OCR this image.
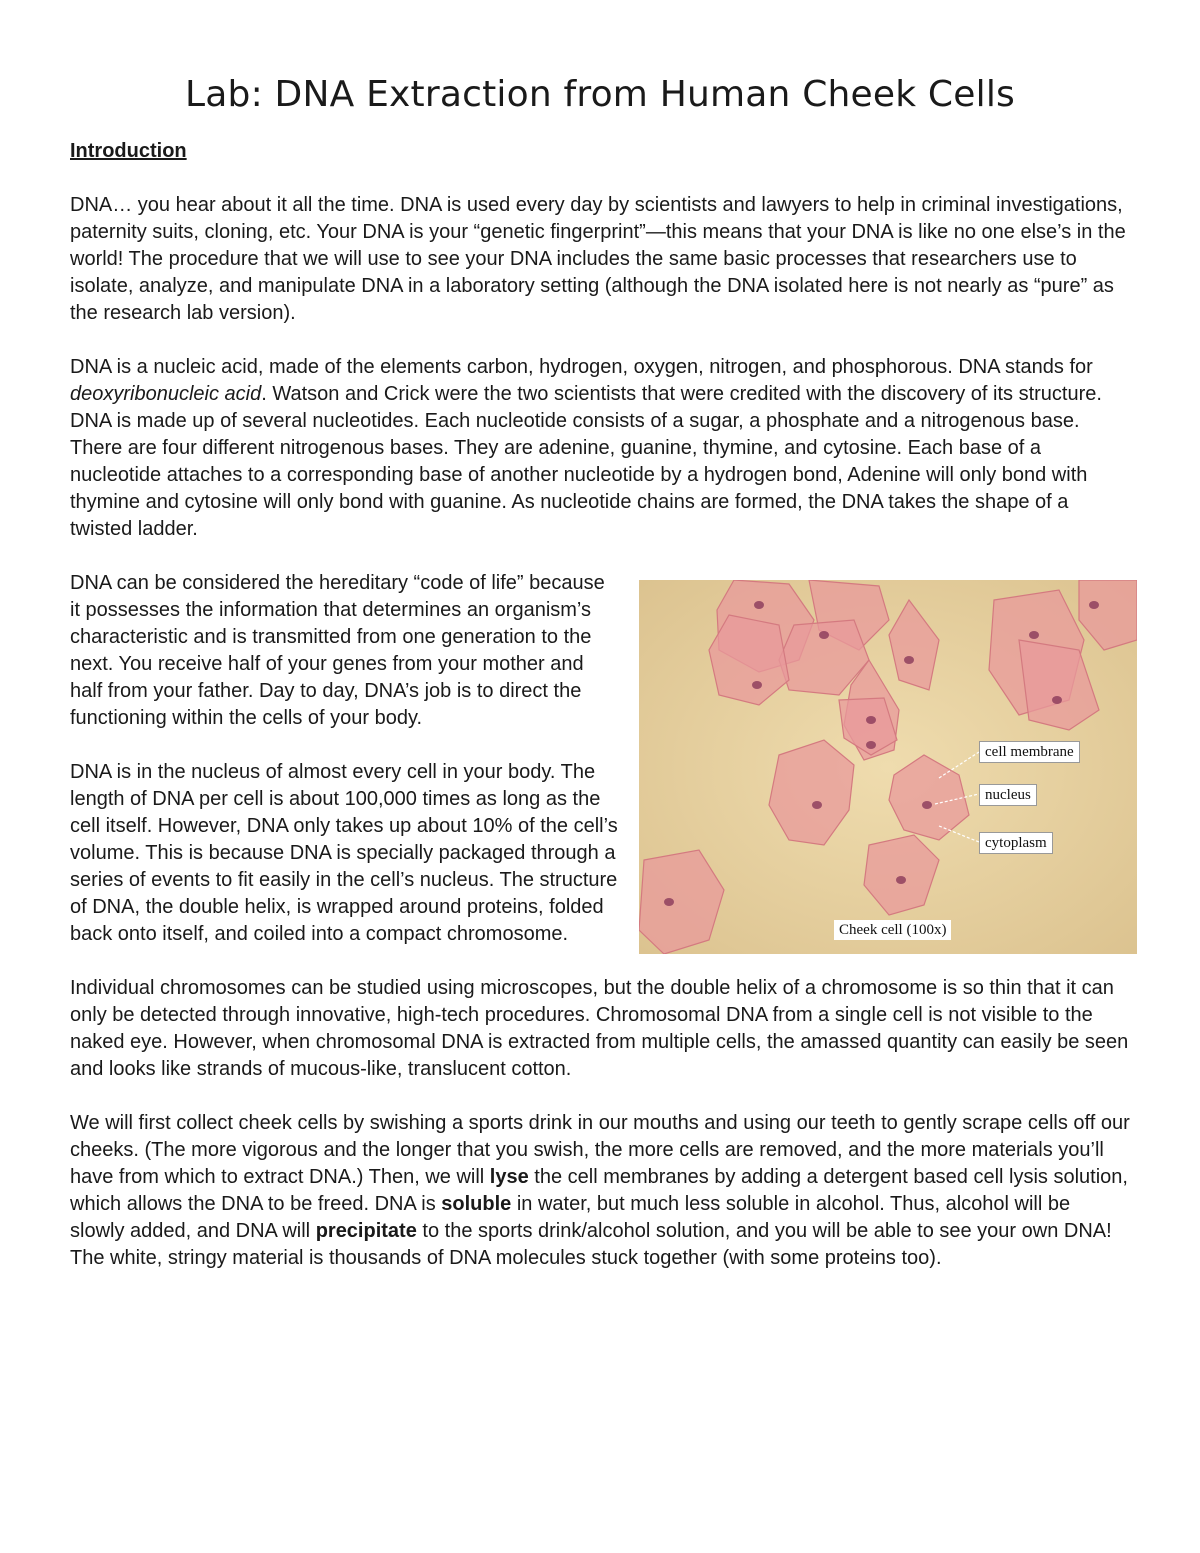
Lab: DNA Extraction from Human Cheek Cells
Introduction

DNA… you hear about it all the time. DNA is used every day by scientists and lawyers to help in criminal investigations, paternity suits, cloning, etc. Your DNA is your “genetic fingerprint”—this means that your DNA is like no one else’s in the world! The procedure that we will use to see your DNA includes the same basic processes that researchers use to isolate, analyze, and manipulate DNA in a laboratory setting (although the DNA isolated here is not nearly as “pure” as the research lab version).

DNA is a nucleic acid, made of the elements carbon, hydrogen, oxygen, nitrogen, and phosphorous. DNA stands for deoxyribonucleic acid. Watson and Crick were the two scientists that were credited with the discovery of its structure. DNA is made up of several nucleotides. Each nucleotide consists of a sugar, a phosphate and a nitrogenous base. There are four different nitrogenous bases. They are adenine, guanine, thymine, and cytosine. Each base of a nucleotide attaches to a corresponding base of another nucleotide by a hydrogen bond, Adenine will only bond with thymine and cytosine will only bond with guanine. As nucleotide chains are formed, the DNA takes the shape of a twisted ladder.

cell membrane
nucleus
cytoplasm
Cheek cell (100x)

DNA can be considered the hereditary “code of life” because it possesses the information that determines an organism’s characteristic and is transmitted from one generation to the next. You receive half of your genes from your mother and half from your father. Day to day, DNA’s job is to direct the functioning within the cells of your body.

DNA is in the nucleus of almost every cell in your body. The length of DNA per cell is about 100,000 times as long as the cell itself. However, DNA only takes up about 10% of the cell’s volume. This is because DNA is specially packaged through a series of events to fit easily in the cell’s nucleus. The structure of DNA, the double helix, is wrapped around proteins, folded back onto itself, and coiled into a compact chromosome.

Individual chromosomes can be studied using microscopes, but the double helix of a chromosome is so thin that it can only be detected through innovative, high-tech procedures. Chromosomal DNA from a single cell is not visible to the naked eye. However, when chromosomal DNA is extracted from multiple cells, the amassed quantity can easily be seen and looks like strands of mucous-like, translucent cotton.

We will first collect cheek cells by swishing a sports drink in our mouths and using our teeth to gently scrape cells off our cheeks. (The more vigorous and the longer that you swish, the more cells are removed, and the more materials you’ll have from which to extract DNA.) Then, we will lyse the cell membranes by adding a detergent based cell lysis solution, which allows the DNA to be freed. DNA is soluble in water, but much less soluble in alcohol. Thus, alcohol will be slowly added, and DNA will precipitate to the sports drink/alcohol solution, and you will be able to see your own DNA! The white, stringy material is thousands of DNA molecules stuck together (with some proteins too).
